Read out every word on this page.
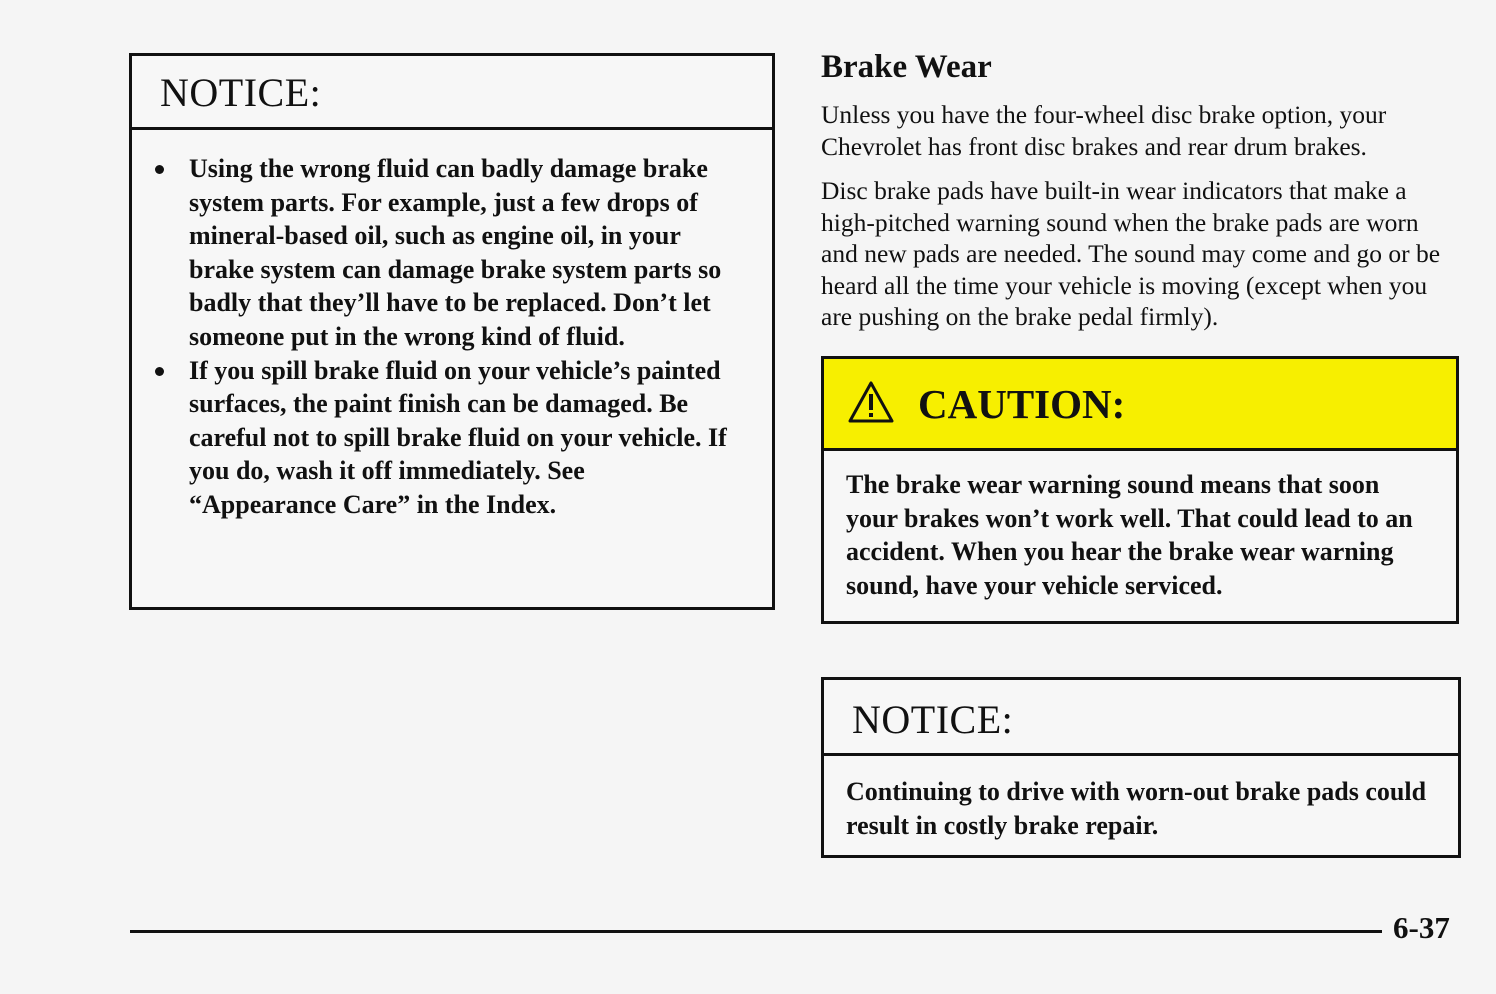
NOTICE:
Using the wrong fluid can badly damage brake system parts. For example, just a few drops of mineral-based oil, such as engine oil, in your brake system can damage brake system parts so badly that they’ll have to be replaced. Don’t let someone put in the wrong kind of fluid.
If you spill brake fluid on your vehicle’s painted surfaces, the paint finish can be damaged. Be careful not to spill brake fluid on your vehicle. If you do, wash it off immediately. See “Appearance Care” in the Index.
Brake Wear

Unless you have the four-wheel disc brake option, your Chevrolet has front disc brakes and rear drum brakes.

Disc brake pads have built-in wear indicators that make a high-pitched warning sound when the brake pads are worn and new pads are needed. The sound may come and go or be heard all the time your vehicle is moving (except when you are pushing on the brake pedal firmly).

CAUTION:

The brake wear warning sound means that soon your brakes won’t work well. That could lead to an accident. When you hear the brake wear warning sound, have your vehicle serviced.

NOTICE:

Continuing to drive with worn-out brake pads could result in costly brake repair.

6-37
